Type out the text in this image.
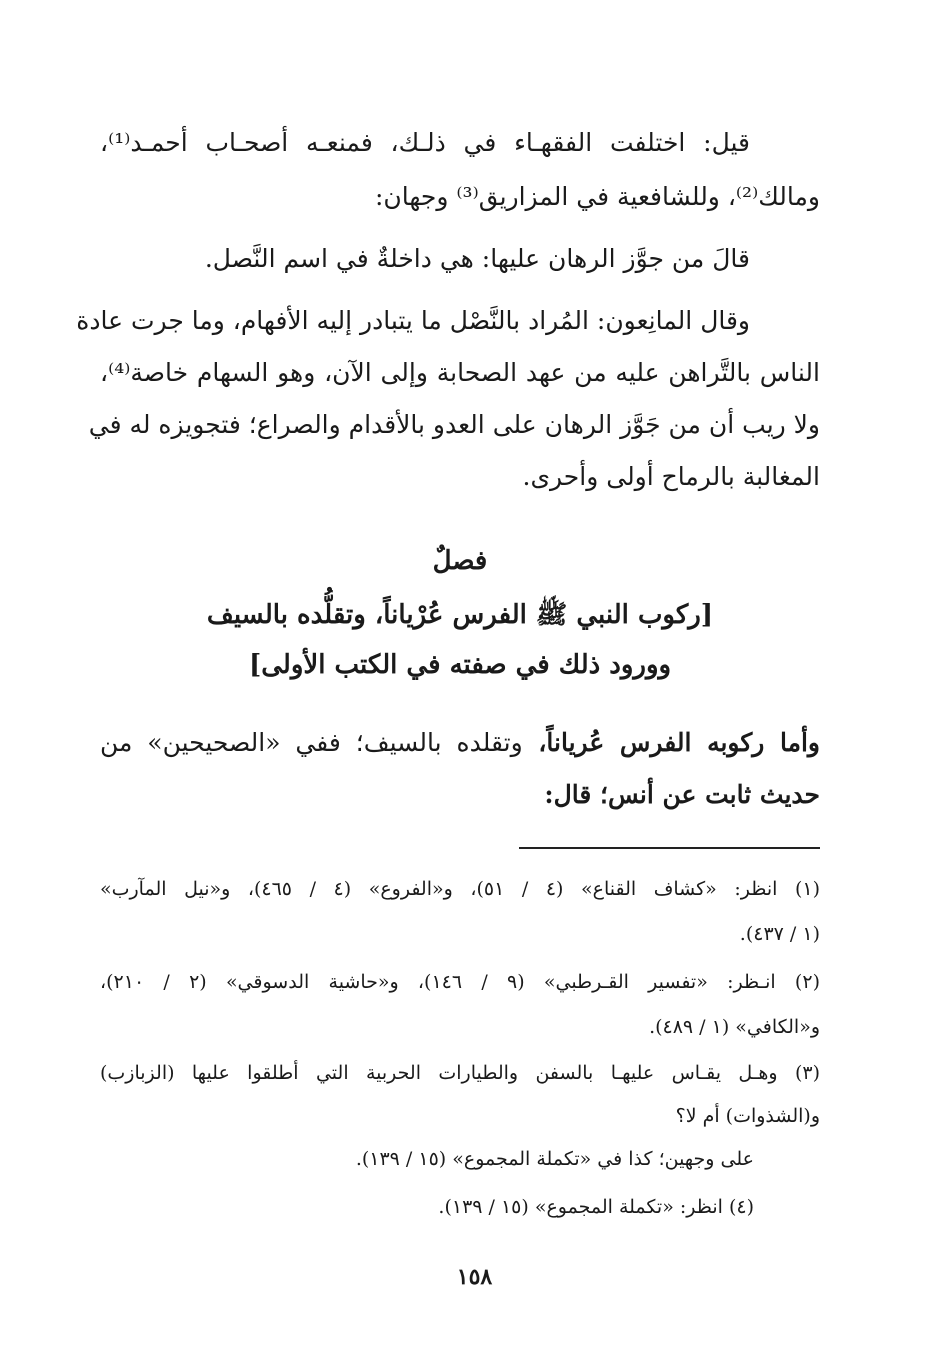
قيل: اختلفت الفقهـاء في ذلـك، فمنعـه أصحـاب أحمـد⁽¹⁾،
ومالك⁽²⁾، وللشافعية في المزاريق⁽³⁾ وجهان:
قالَ من جوَّز الرهان عليها: هي داخلةٌ في اسم النَّصل.
وقال المانِعون: المُراد بالنَّصْل ما يتبادر إليه الأفهام، وما جرت عادة
الناس بالتَّراهن عليه من عهد الصحابة وإلى الآن، وهو السهام خاصة⁽⁴⁾،
ولا ريب أن من جَوَّز الرهان على العدو بالأقدام والصراع؛ فتجويزه له في
المغالبة بالرماح أولى وأحرى.
فصلٌ
[ركوب النبي ﷺ الفرس عُرْياناً، وتقلُّده بالسيف
وورود ذلك في صفته في الكتب الأولى]
وأما ركوبه الفرس عُرياناً، وتقلده بالسيف؛ ففي «الصحيحين» من
حديث ثابت عن أنس؛ قال:
(١) انظر: «كشاف القناع» (٤ / ٥١)، و«الفروع» (٤ / ٤٦٥)، و«نيل المآرب»
(١ / ٤٣٧).
(٢) انـظر: «تفسير القـرطبي» (٩ / ١٤٦)، و«حاشية الدسوقي» (٢ / ٢١٠)،
و«الكافي» (١ / ٤٨٩).
(٣) وهـل يقـاس عليهـا بالسفن والطيارات الحربية التي أطلقوا عليها (الزبازب)
و(الشذوات) أم لا؟
على وجهين؛ كذا في «تكملة المجموع» (١٥ / ١٣٩).
(٤) انظر: «تكملة المجموع» (١٥ / ١٣٩).
١٥٨
